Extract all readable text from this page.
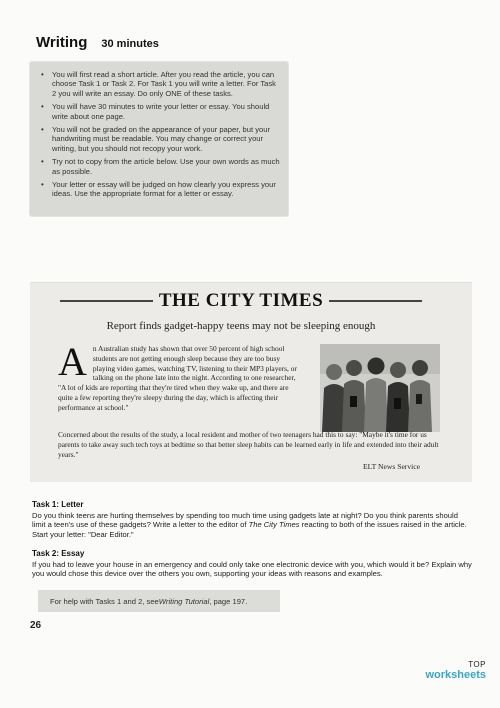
Writing 30 minutes
• You will first read a short article. After you read the article, you can choose Task 1 or Task 2. For Task 1 you will write a letter. For Task 2 you will write an essay. Do only ONE of these tasks.
• You will have 30 minutes to write your letter or essay. You should write about one page.
• You will not be graded on the appearance of your paper, but your handwriting must be readable. You may change or correct your writing, but you should not recopy your work.
• Try not to copy from the article below. Use your own words as much as possible.
• Your letter or essay will be judged on how clearly you express your ideas. Use the appropriate format for a letter or essay.
THE CITY TIMES
Report finds gadget-happy teens may not be sleeping enough
A n Australian study has shown that over 50 percent of high school students are not getting enough sleep because they are too busy playing video games, watching TV, listening to their MP3 players, or talking on the phone late into the night. According to one researcher, "A lot of kids are reporting that they're tired when they wake up, and there are quite a few reporting they're sleepy during the day, which is affecting their performance at school."
Concerned about the results of the study, a local resident and mother of two teenagers had this to say: "Maybe it's time for us parents to take away such tech toys at bedtime so that better sleep habits can be learned early in life and extended into their adult years."
ELT News Service
Task 1: Letter
Do you think teens are hurting themselves by spending too much time using gadgets late at night? Do you think parents should limit a teen's use of these gadgets? Write a letter to the editor of The City Times reacting to both of the issues raised in the article. Start your letter: "Dear Editor."
Task 2: Essay
If you had to leave your house in an emergency and could only take one electronic device with you, which would it be? Explain why you would chose this device over the others you own, supporting your ideas with reasons and examples.
For help with Tasks 1 and 2, see Writing Tutorial , page 197.
26
TOP
worksheets
